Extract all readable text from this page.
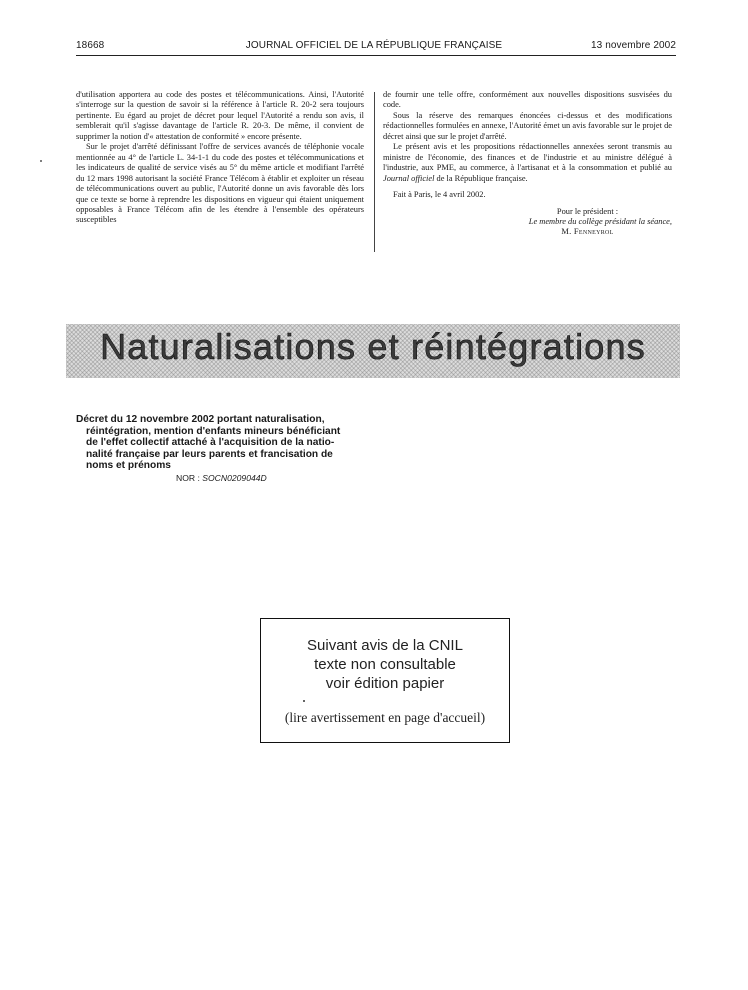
18668	JOURNAL OFFICIEL DE LA RÉPUBLIQUE FRANÇAISE	13 novembre 2002

d'utilisation apportera au code des postes et télécommunications. Ainsi, l'Autorité s'interroge sur la question de savoir si la référence à l'article R. 20-2 sera toujours pertinente. Eu égard au projet de décret pour lequel l'Autorité a rendu son avis, il semblerait qu'il s'agisse davantage de l'article R. 20-3. De même, il convient de supprimer la notion d'« attestation de conformité » encore présente.

Sur le projet d'arrêté définissant l'offre de services avancés de téléphonie vocale mentionnée au 4° de l'article L. 34-1-1 du code des postes et télécommunications et les indicateurs de qualité de service visés au 5° du même article et modifiant l'arrêté du 12 mars 1998 autorisant la société France Télécom à établir et exploiter un réseau de télécommunications ouvert au public, l'Autorité donne un avis favorable dès lors que ce texte se borne à reprendre les dispositions en vigueur qui étaient uniquement opposables à France Télécom afin de les étendre à l'ensemble des opérateurs susceptibles

de fournir une telle offre, conformément aux nouvelles dispositions susvisées du code.

Sous la réserve des remarques énoncées ci-dessus et des modifications rédactionnelles formulées en annexe, l'Autorité émet un avis favorable sur le projet de décret ainsi que sur le projet d'arrêté.

Le présent avis et les propositions rédactionnelles annexées seront transmis au ministre de l'économie, des finances et de l'industrie et au ministre délégué à l'industrie, aux PME, au commerce, à l'artisanat et à la consommation et publié au Journal officiel de la République française.

Fait à Paris, le 4 avril 2002.

Pour le président :

Le membre du collège présidant la séance,

M. Fenneyrol

Naturalisations et réintégrations
Décret du 12 novembre 2002 portant naturalisation,
réintégration, mention d'enfants mineurs bénéficiant
de l'effet collectif attaché à l'acquisition de la natio-
nalité française par leurs parents et francisation de
noms et prénoms
NOR : SOCN0209044D
Suivant avis de la CNIL
texte non consultable
voir édition papier
(lire avertissement en page d'accueil)
